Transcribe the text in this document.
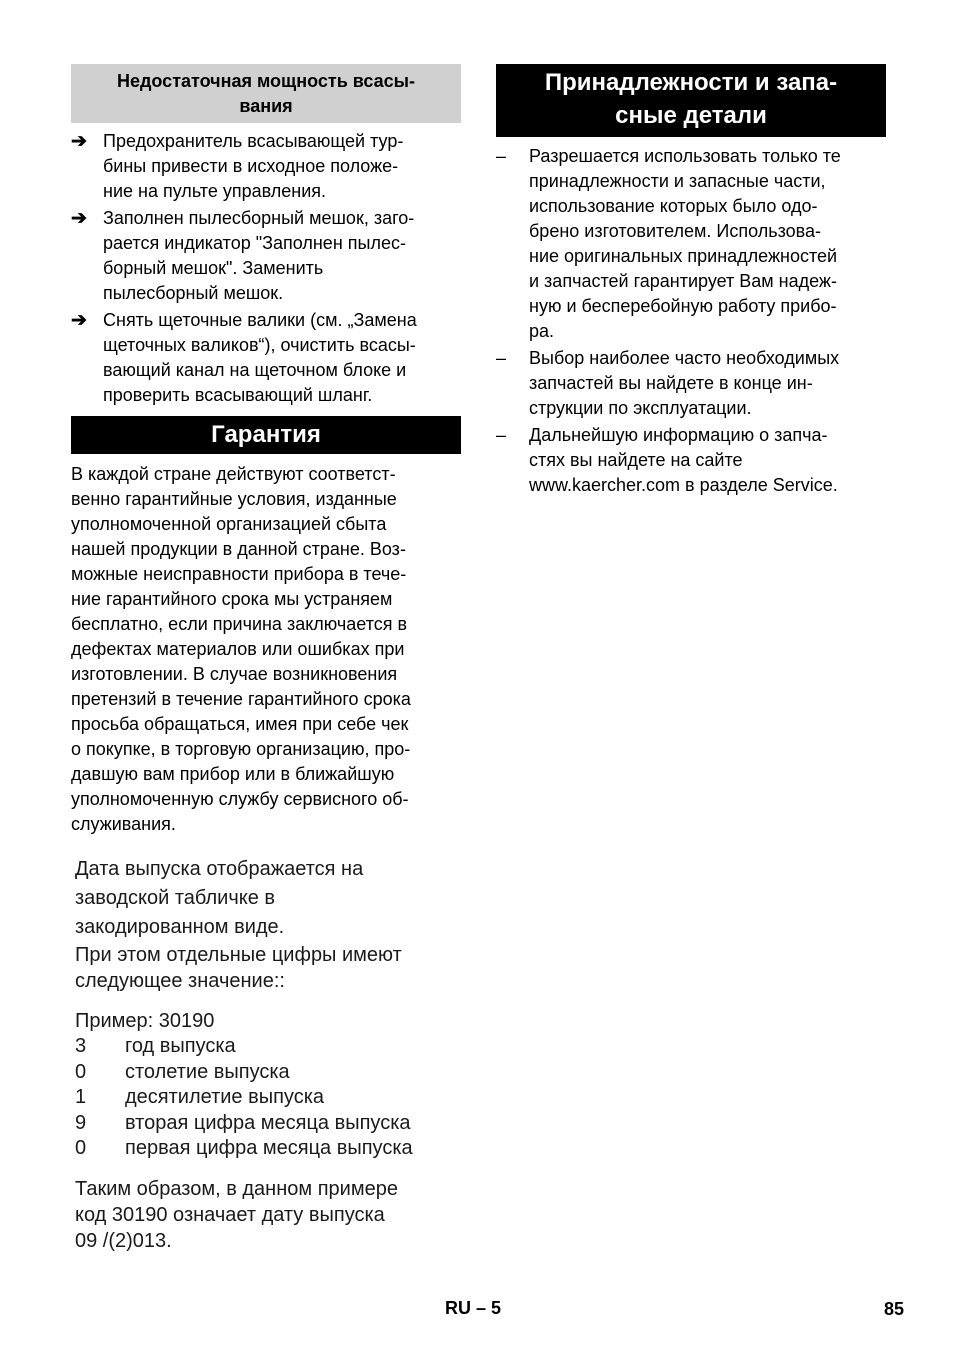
Недостаточная мощность всасы-
вания
➔ Предохранитель всасывающей тур-
бины привести в исходное положе-
ние на пульте управления.
➔ Заполнен пылесборный мешок, заго-
рается индикатор "Заполнен пылес-
борный мешок". Заменить
пылесборный мешок.
➔ Снять щеточные валики (см. „Замена
щеточных валиков“), очистить всасы-
вающий канал на щеточном блоке и
проверить всасывающий шланг.
Гарантия
В каждой стране действуют соответст-
венно гарантийные условия, изданные
уполномоченной организацией сбыта
нашей продукции в данной стране. Воз-
можные неисправности прибора в тече-
ние гарантийного срока мы устраняем
бесплатно, если причина заключается в
дефектах материалов или ошибках при
изготовлении. В случае возникновения
претензий в течение гарантийного срока
просьба обращаться, имея при себе чек
о покупке, в торговую организацию, про-
давшую вам прибор или в ближайшую
уполномоченную службу сервисного об-
служивания.
Дата выпуска отображается на
заводской табличке в
закодированном виде.
При этом отдельные цифры имеют
следующее значение::
Пример: 30190
3	год выпуска
0	столетие выпуска
1	десятилетие выпуска
9	вторая цифра месяца выпуска
0	первая цифра месяца выпуска
Таким образом, в данном примере
код 30190 означает дату выпуска
09 /(2)013.
Принадлежности и запа-
сные детали
–	Разрешается использовать только те
принадлежности и запасные части,
использование которых было одо-
брено изготовителем. Использова-
ние оригинальных принадлежностей
и запчастей гарантирует Вам надеж-
ную и бесперебойную работу прибо-
ра.
–	Выбор наиболее часто необходимых
запчастей вы найдете в конце ин-
струкции по эксплуатации.
–	Дальнейшую информацию о запча-
стях вы найдете на сайте
www.kaercher.com в разделе Service.
RU – 5	85
